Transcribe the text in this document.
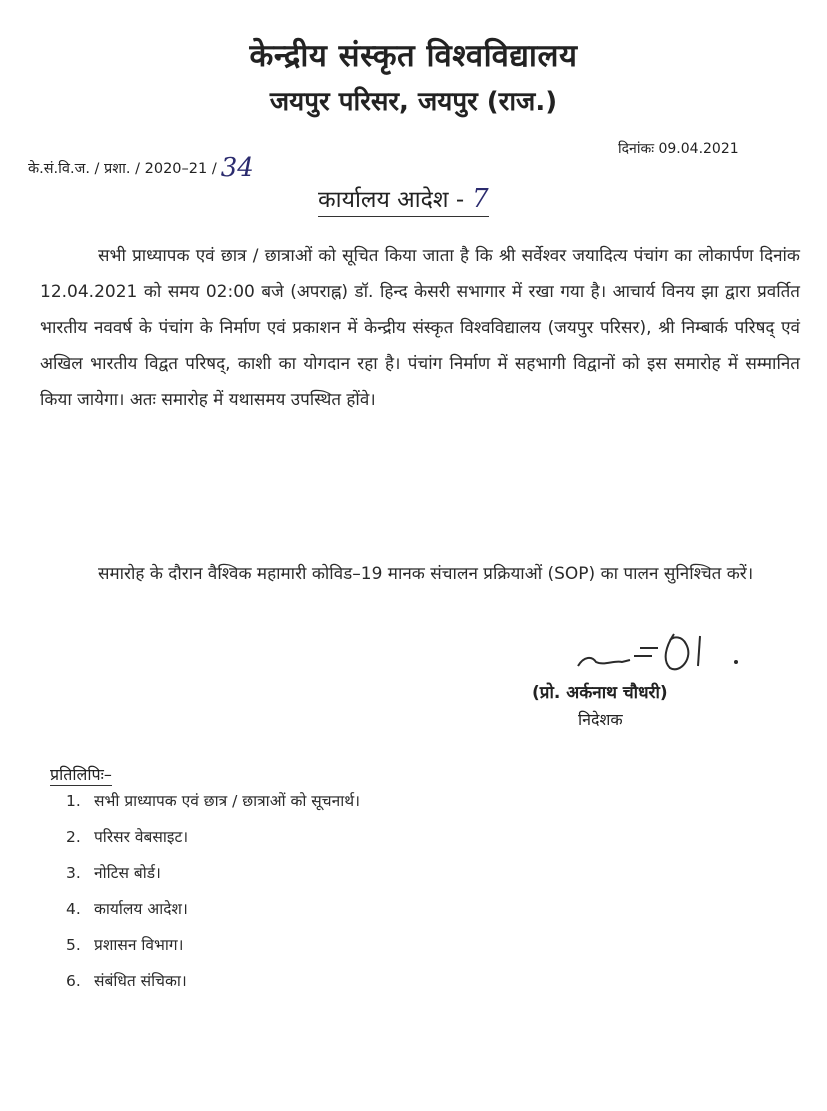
केन्द्रीय संस्कृत विश्वविद्यालय
जयपुर परिसर, जयपुर (राज.)
के.सं.वि.ज. / प्रशा. / 2020–21 / 34
दिनांकः 09.04.2021
कार्यालय आदेश - 7
सभी प्राध्यापक एवं छात्र / छात्राओं को सूचित किया जाता है कि श्री सर्वेश्वर जयादित्य पंचांग का लोकार्पण दिनांक 12.04.2021 को समय 02:00 बजे (अपराह्न) डॉ. हिन्द केसरी सभागार में रखा गया है। आचार्य विनय झा द्वारा प्रवर्तित भारतीय नववर्ष के पंचांग के निर्माण एवं प्रकाशन में केन्द्रीय संस्कृत विश्वविद्यालय (जयपुर परिसर), श्री निम्बार्क परिषद् एवं अखिल भारतीय विद्वत परिषद्, काशी का योगदान रहा है। पंचांग निर्माण में सहभागी विद्वानों को इस समारोह में सम्मानित किया जायेगा। अतः समारोह में यथासमय उपस्थित होंवे।
समारोह के दौरान वैश्विक महामारी कोविड–19 मानक संचालन प्रक्रियाओं (SOP) का पालन सुनिश्चित करें।
(प्रो. अर्कनाथ चौधरी)
निदेशक
प्रतिलिपिः–
1. सभी प्राध्यापक एवं छात्र / छात्राओं को सूचनार्थ।
2. परिसर वेबसाइट।
3. नोटिस बोर्ड।
4. कार्यालय आदेश।
5. प्रशासन विभाग।
6. संबंधित संचिका।
